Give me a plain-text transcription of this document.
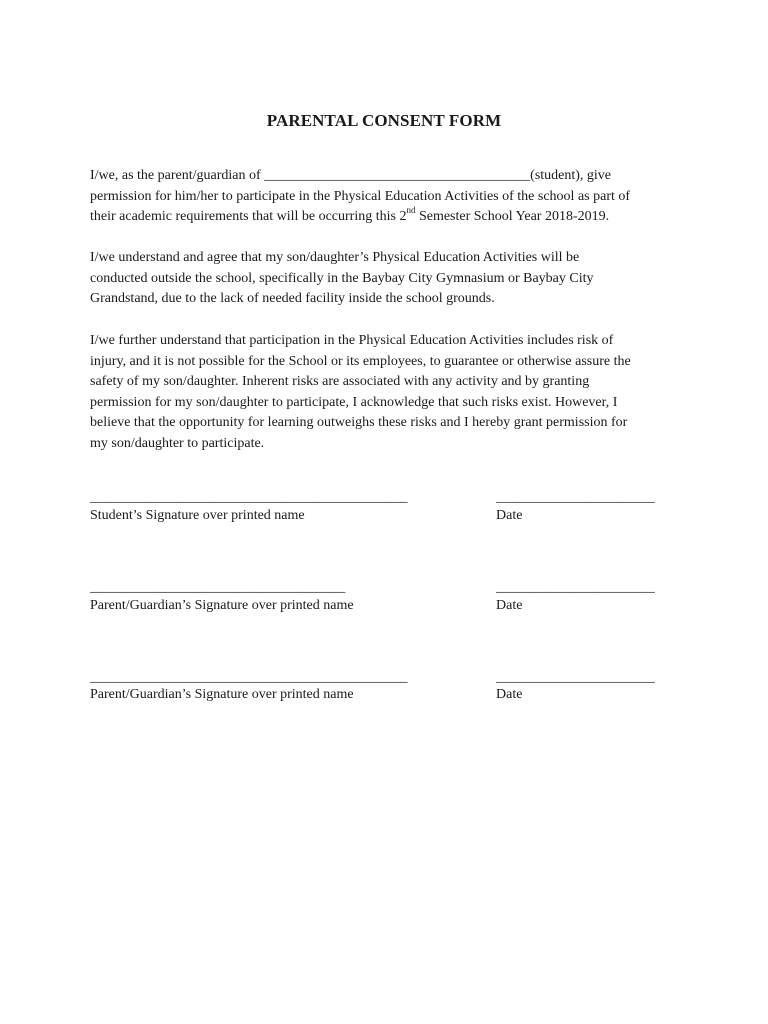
PARENTAL CONSENT FORM
I/we, as the parent/guardian of ______________________________________(student), give
permission for him/her to participate in the Physical Education Activities of the school as part of
their academic requirements that will be occurring this 2nd Semester School Year 2018-2019.
I/we understand and agree that my son/daughter’s Physical Education Activities will be
conducted outside the school, specifically in the Baybay City Gymnasium or Baybay City
Grandstand, due to the lack of needed facility inside the school grounds.
I/we further understand that participation in the Physical Education Activities includes risk of
injury, and it is not possible for the School or its employees, to guarantee or otherwise assure the
safety of my son/daughter. Inherent risks are associated with any activity and by granting
permission for my son/daughter to participate, I acknowledge that such risks exist. However, I
believe that the opportunity for learning outweighs these risks and I hereby grant permission for
my son/daughter to participate.
______________________________________________
Student’s Signature over printed name
_______________________
Date
_____________________________________
Parent/Guardian’s Signature over printed name
_______________________
Date
______________________________________________
Parent/Guardian’s Signature over printed name
_______________________
Date
